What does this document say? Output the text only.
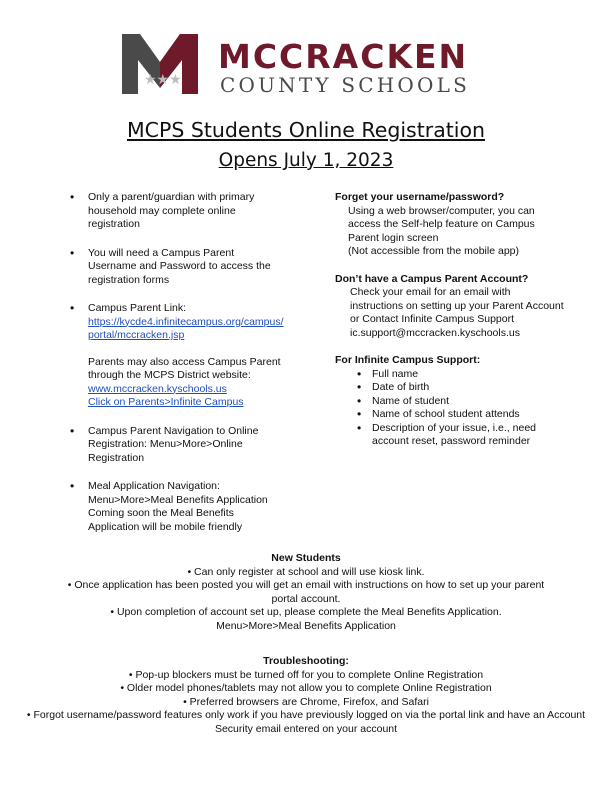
★★★
MCCRACKEN
COUNTY SCHOOLS
MCPS Students Online Registration
Opens July 1, 2023
• Only a parent/guardian with primary household may complete online registration
• You will need a Campus Parent Username and Password to access the registration forms
• Campus Parent Link:
https://kycde4.infinitecampus.org/campus/portal/mccracken.jsp
Parents may also access Campus Parent through the MCPS District website:
www.mccracken.kyschools.us
Click on Parents>Infinite Campus
• Campus Parent Navigation to Online Registration: Menu>More>Online Registration
• Meal Application Navigation:
Menu>More>Meal Benefits Application
Coming soon the Meal Benefits Application will be mobile friendly
Forget your username/password?
Using a web browser/computer, you can access the Self-help feature on Campus Parent login screen
(Not accessible from the mobile app)
Don’t have a Campus Parent Account?
Check your email for an email with instructions on setting up your Parent Account or Contact Infinite Campus Support
ic.support@mccracken.kyschools.us
For Infinite Campus Support:
• Full name
• Date of birth
• Name of student
• Name of school student attends
• Description of your issue, i.e., need account reset, password reminder
New Students
• Can only register at school and will use kiosk link.
• Once application has been posted you will get an email with instructions on how to set up your parent portal account.
• Upon completion of account set up, please complete the Meal Benefits Application.
Menu>More>Meal Benefits Application
Troubleshooting:
• Pop-up blockers must be turned off for you to complete Online Registration
• Older model phones/tablets may not allow you to complete Online Registration
• Preferred browsers are Chrome, Firefox, and Safari
• Forgot username/password features only work if you have previously logged on via the portal link and have an Account Security email entered on your account
